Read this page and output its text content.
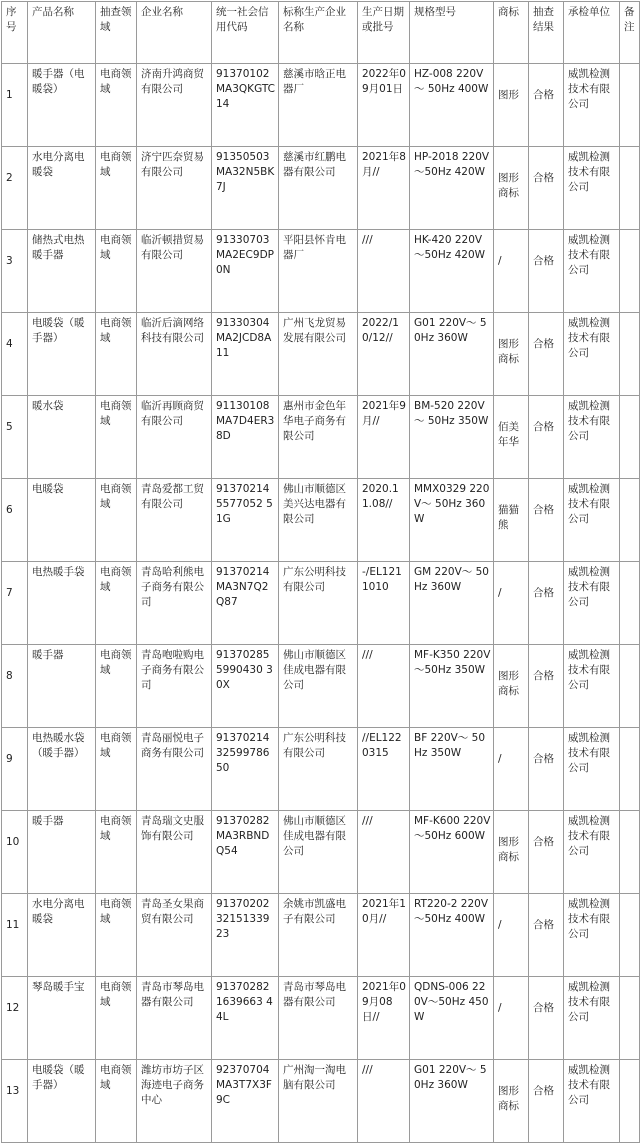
序号	产品名称	抽查领域	企业名称	统一社会信用代码	标称生产企业名称	生产日期或批号	规格型号	商标	抽查结果	承检单位	备注
1	暖手器（电暖袋）	电商领域	济南升鸿商贸有限公司	91370102MA3QKGTC14	慈溪市晗正电器厂	2022年09月01日	HZ-008 220V～ 50Hz 400W	图形	合格	威凯检测技术有限公司	
2	水电分离电暖袋	电商领域	济宁匹奈贸易有限公司	91350503MA32N5BK7J	慈溪市红鹏电器有限公司	2021年8月//	HP-2018 220V～50Hz 420W	图形商标	合格	威凯检测技术有限公司	
3	储热式电热暖手器	电商领域	临沂顿措贸易有限公司	91330703MA2EC9DP0N	平阳县怀肯电器厂	///	HK-420 220V～50Hz 420W	/	合格	威凯检测技术有限公司	
4	电暖袋（暖手器）	电商领域	临沂后滴网络科技有限公司	91330304MA2JCD8A11	广州飞龙贸易发展有限公司	2022/10/12//	G01 220V～ 50Hz 360W	图形商标	合格	威凯检测技术有限公司	
5	暖水袋	电商领域	临沂再顾商贸有限公司	91130108MA7D4ER38D	惠州市金色年华电子商务有限公司	2021年9月//	BM-520 220V～ 50Hz 350W	佰美年华	合格	威凯检测技术有限公司	
6	电暖袋	电商领域	青岛爱都工贸有限公司	913702145577052 51G	佛山市顺德区美兴达电器有限公司	2020.11.08//	MMX0329 220V～ 50Hz 360W	猫猫熊	合格	威凯检测技术有限公司	
7	电热暖手袋	电商领域	青岛哈利熊电子商务有限公司	91370214MA3N7Q2Q87	广东公明科技有限公司	-/EL1211010	GM 220V～ 50Hz 360W	/	合格	威凯检测技术有限公司	
8	暖手器	电商领域	青岛咆啦购电子商务有限公司	913702855990430 30X	佛山市顺德区佳成电器有限公司	///	MF-K350 220V～50Hz 350W	图形商标	合格	威凯检测技术有限公司	
9	电热暖水袋（暖手器）	电商领域	青岛丽悦电子商务有限公司	913702143259978650	广东公明科技有限公司	//EL1220315	BF 220V～ 50Hz 350W	/	合格	威凯检测技术有限公司	
10	暖手器	电商领域	青岛瑞文史服饰有限公司	91370282MA3RBNDQ54	佛山市顺德区佳成电器有限公司	///	MF-K600 220V～50Hz 600W	图形商标	合格	威凯检测技术有限公司	
11	水电分离电暖袋	电商领域	青岛圣女果商贸有限公司	913702023215133923	余姚市凯盛电子有限公司	2021年10月//	RT220-2 220V～50Hz 400W	/	合格	威凯检测技术有限公司	
12	琴岛暖手宝	电商领域	青岛市琴岛电器有限公司	913702821639663 44L	青岛市琴岛电器有限公司	2021年09月08日//	QDNS-006 220V～50Hz 450W	/	合格	威凯检测技术有限公司	
13	电暖袋（暖手器）	电商领域	潍坊市坊子区海迹电子商务中心	92370704MA3T7X3F9C	广州淘一淘电脑有限公司	///	G01 220V～ 50Hz 360W	图形商标	合格	威凯检测技术有限公司	
